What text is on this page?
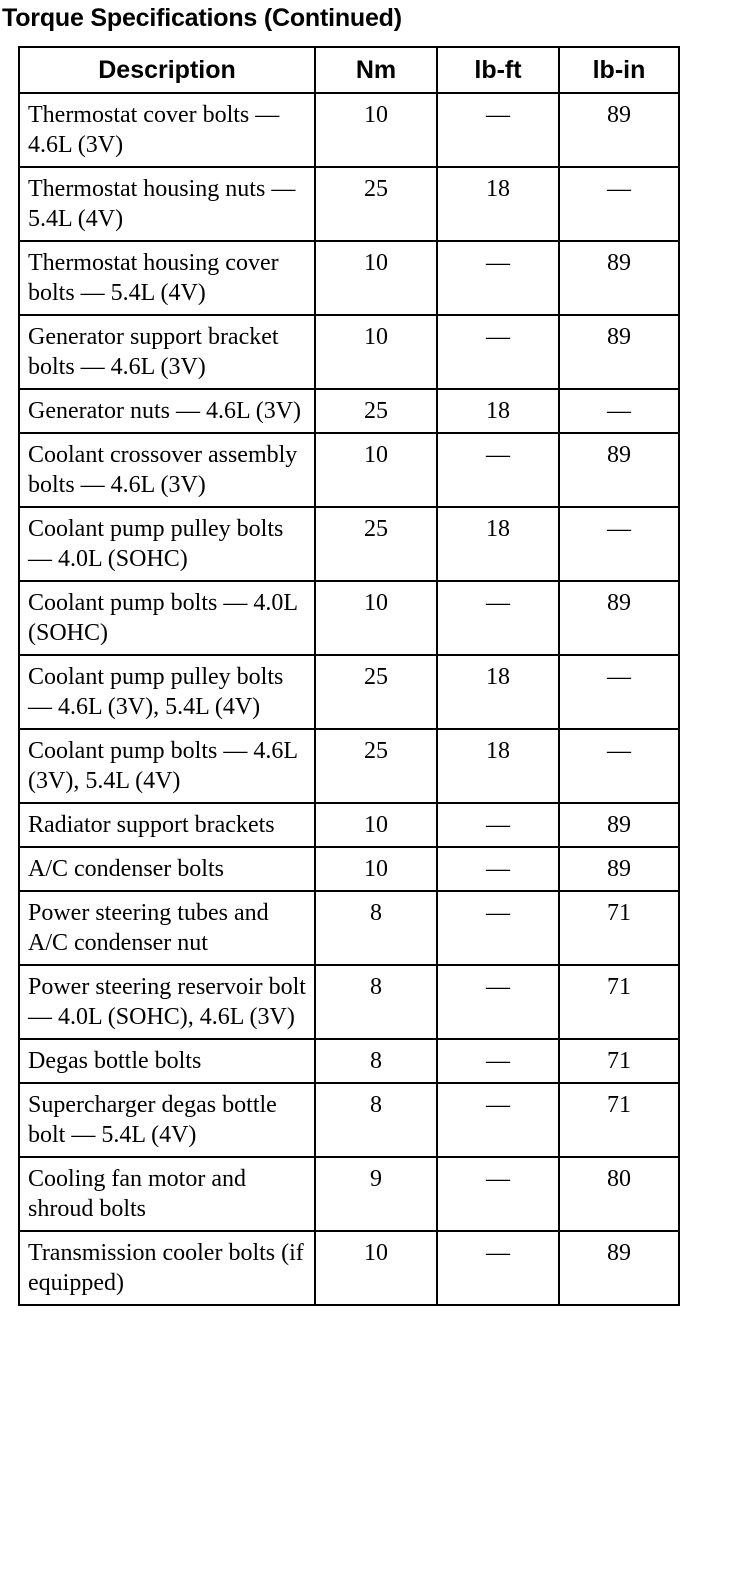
Torque Specifications (Continued)
Description	Nm	lb-ft	lb-in
Thermostat cover bolts — 4.6L (3V)	10	—	89
Thermostat housing nuts — 5.4L (4V)	25	18	—
Thermostat housing cover bolts — 5.4L (4V)	10	—	89
Generator support bracket bolts — 4.6L (3V)	10	—	89
Generator nuts — 4.6L (3V)	25	18	—
Coolant crossover assembly bolts — 4.6L (3V)	10	—	89
Coolant pump pulley bolts — 4.0L (SOHC)	25	18	—
Coolant pump bolts — 4.0L (SOHC)	10	—	89
Coolant pump pulley bolts — 4.6L (3V), 5.4L (4V)	25	18	—
Coolant pump bolts — 4.6L (3V), 5.4L (4V)	25	18	—
Radiator support brackets	10	—	89
A/C condenser bolts	10	—	89
Power steering tubes and A/C condenser nut	8	—	71
Power steering reservoir bolt — 4.0L (SOHC), 4.6L (3V)	8	—	71
Degas bottle bolts	8	—	71
Supercharger degas bottle bolt — 5.4L (4V)	8	—	71
Cooling fan motor and shroud bolts	9	—	80
Transmission cooler bolts (if equipped)	10	—	89
